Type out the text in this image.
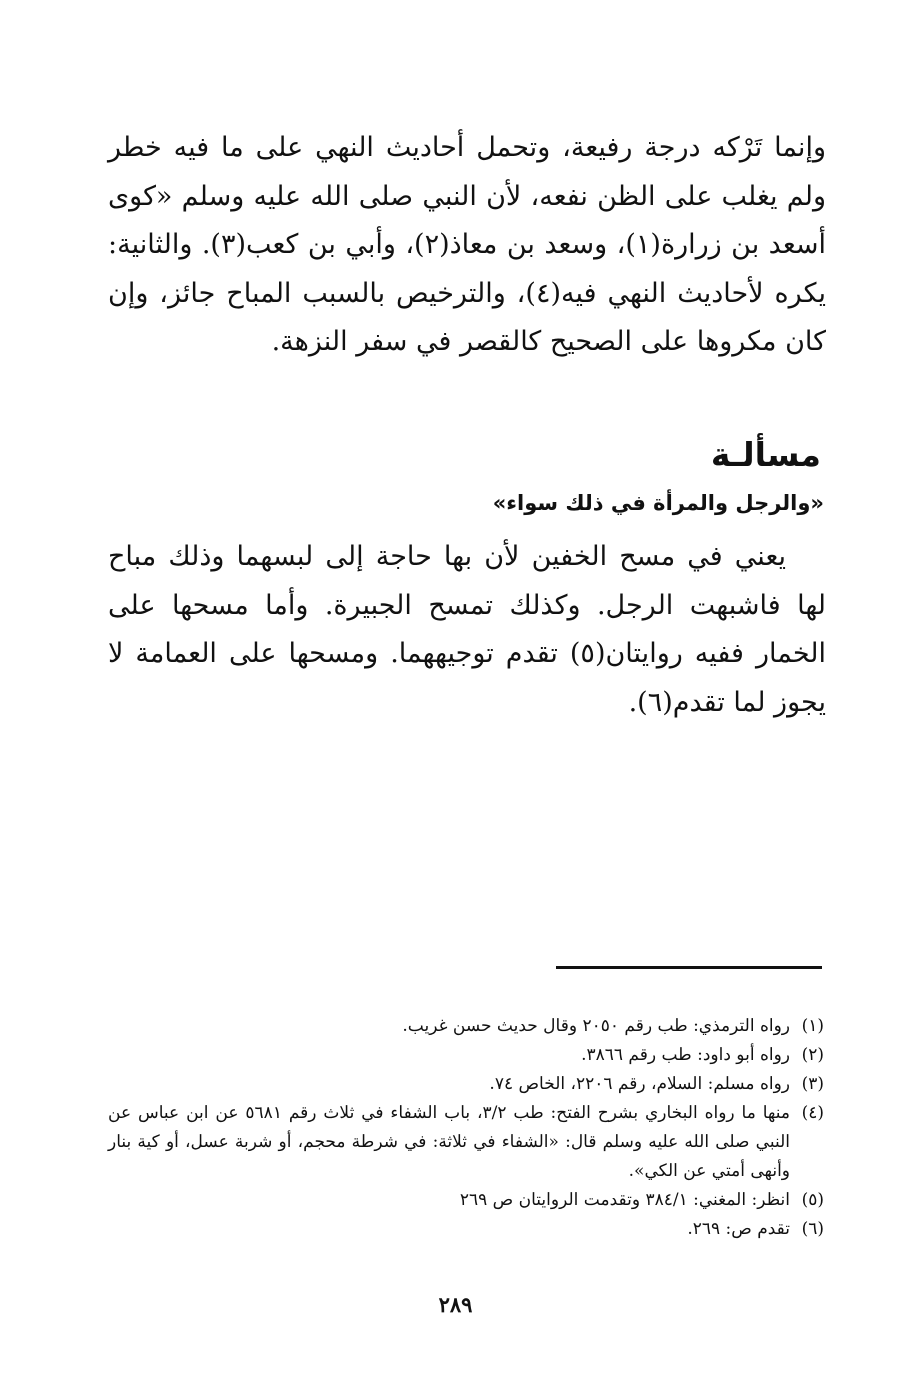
وإنما تَرْكه درجة رفيعة، وتحمل أحاديث النهي على ما فيه خطر ولم يغلب على الظن نفعه، لأن النبي صلى الله عليه وسلم «كوى أسعد بن زرارة(١)، وسعد بن معاذ(٢)، وأبي بن كعب(٣). والثانية: يكره لأحاديث النهي فيه(٤)، والترخيص بالسبب المباح جائز، وإن كان مكروها على الصحيح كالقصر في سفر النزهة.
مسألـة
«والرجل والمرأة في ذلك سواء»
يعني في مسح الخفين لأن بها حاجة إلى لبسهما وذلك مباح لها فاشبهت الرجل. وكذلك تمسح الجبيرة. وأما مسحها على الخمار ففيه روايتان(٥) تقدم توجيههما. ومسحها على العمامة لا يجوز لما تقدم(٦).
(١)
رواه الترمذي: طب رقم ٢٠٥٠ وقال حديث حسن غريب.
(٢)
رواه أبو داود: طب رقم ٣٨٦٦.
(٣)
رواه مسلم: السلام، رقم ٢٢٠٦، الخاص ٧٤.
(٤)
منها ما رواه البخاري بشرح الفتح: طب ٣/٢، باب الشفاء في ثلاث رقم ٥٦٨١ عن ابن عباس عن النبي صلى الله عليه وسلم قال: «الشفاء في ثلاثة: في شرطة محجم، أو شربة عسل، أو كية بنار وأنهى أمتي عن الكي».
(٥)
انظر: المغني: ٣٨٤/١ وتقدمت الروايتان ص ٢٦٩
(٦)
تقدم ص: ٢٦٩.
٢٨٩
